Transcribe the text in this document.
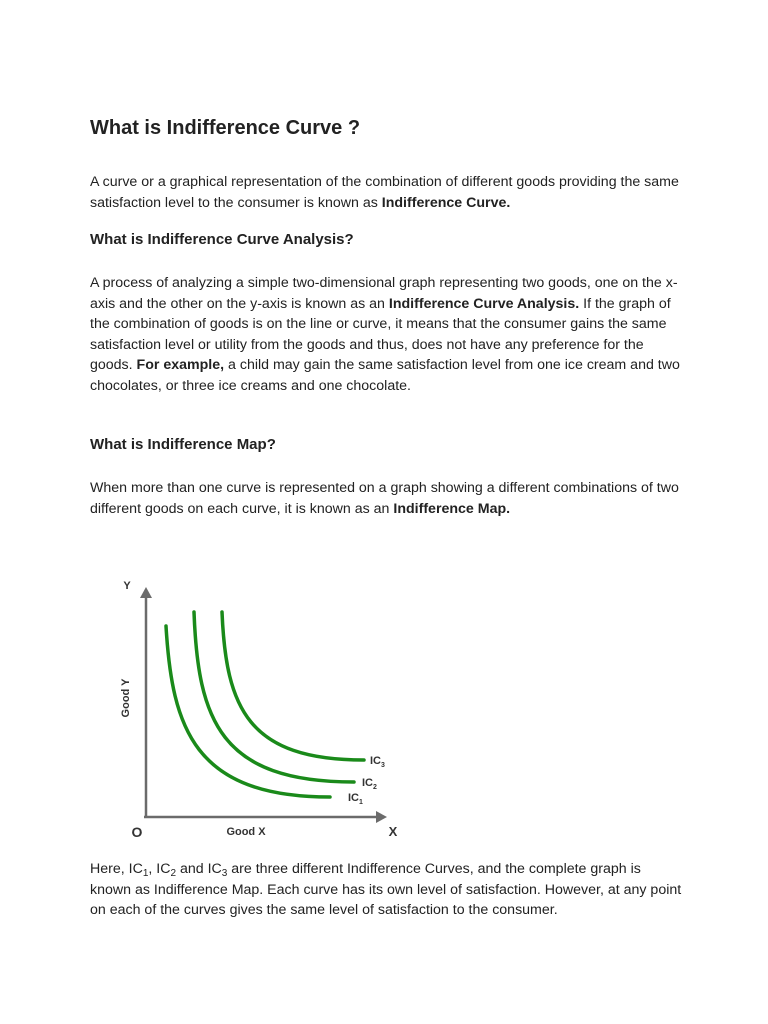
What is Indifference Curve ?

A curve or a graphical representation of the combination of different goods providing the same satisfaction level to the consumer is known as Indifference Curve.

What is Indifference Curve Analysis?

A process of analyzing a simple two-dimensional graph representing two goods, one on the x-axis and the other on the y-axis is known as an Indifference Curve Analysis. If the graph of the combination of goods is on the line or curve, it means that the consumer gains the same satisfaction level or utility from the goods and thus, does not have any preference for the goods. For example, a child may gain the same satisfaction level from one ice cream and two chocolates, or three ice creams and one chocolate.

What is Indifference Map?

When more than one curve is represented on a graph showing a different combinations of two different goods on each curve, it is known as an Indifference Map.

Here, $IC_1$, $IC_2$ and $IC_3$ are three different Indifference Curves, and the complete graph is known as Indifference Map. Each curve has its own level of satisfaction. However, at any point on each of the curves gives the same level of satisfaction to the consumer.

Y
X
O	Good X
Good Y
$IC_1$
$IC_2$
$IC_3$
